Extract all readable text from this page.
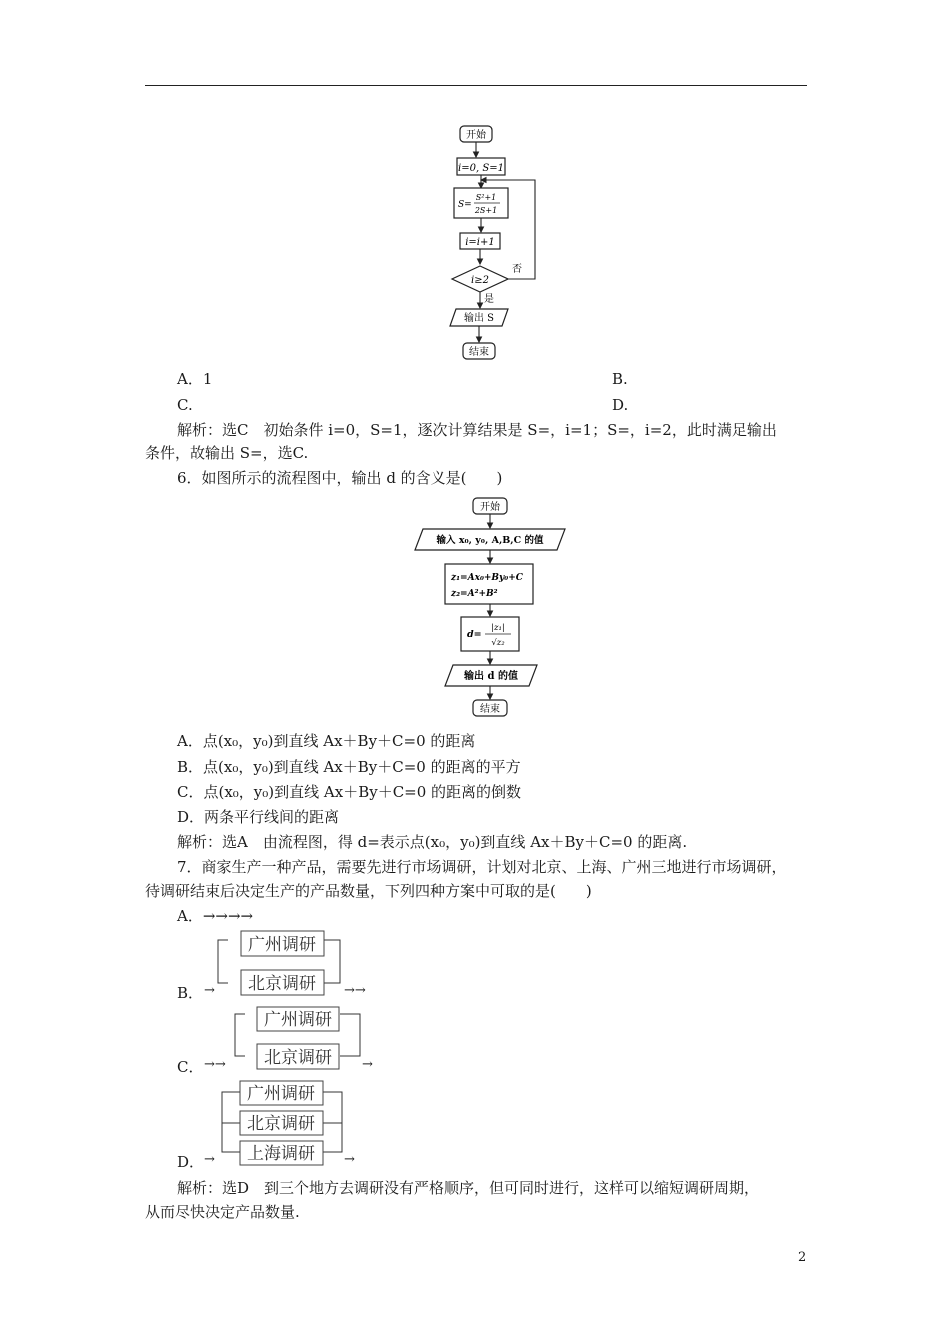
开始
i=0, S=1
S=
S²+1
2S+1
i=i+1
i≥2
否
是
输出 S
结束
A．1	B.
C.	D.
解析：选C　初始条件 i=0，S=1，逐次计算结果是 S=，i=1；S=，i=2，此时满足输出
条件，故输出 S=，选C.
6．如图所示的流程图中，输出 d 的含义是(　　)
开始
输入 x₀, y₀, A,B,C 的值
z₁=Ax₀+By₀+C
z₂=A²+B²
d=
|z₁|
√z₂
输出 d 的值
结束
A．点(x₀，y₀)到直线 Ax＋By＋C=0 的距离
B．点(x₀，y₀)到直线 Ax＋By＋C=0 的距离的平方
C．点(x₀，y₀)到直线 Ax＋By＋C=0 的距离的倒数
D．两条平行线间的距离
解析：选A　由流程图，得 d=表示点(x₀，y₀)到直线 Ax＋By＋C=0 的距离.
7．商家生产一种产品，需要先进行市场调研，计划对北京、上海、广州三地进行市场调研，
待调研结束后决定生产的产品数量，下列四种方案中可取的是(　　)
A．→→→→
广州调研
北京调研
B． →	→→
广州调研
北京调研
C． →→	→
广州调研
北京调研
上海调研
D． →	→
解析：选D　到三个地方去调研没有严格顺序，但可同时进行，这样可以缩短调研周期，
从而尽快决定产品数量.
2
